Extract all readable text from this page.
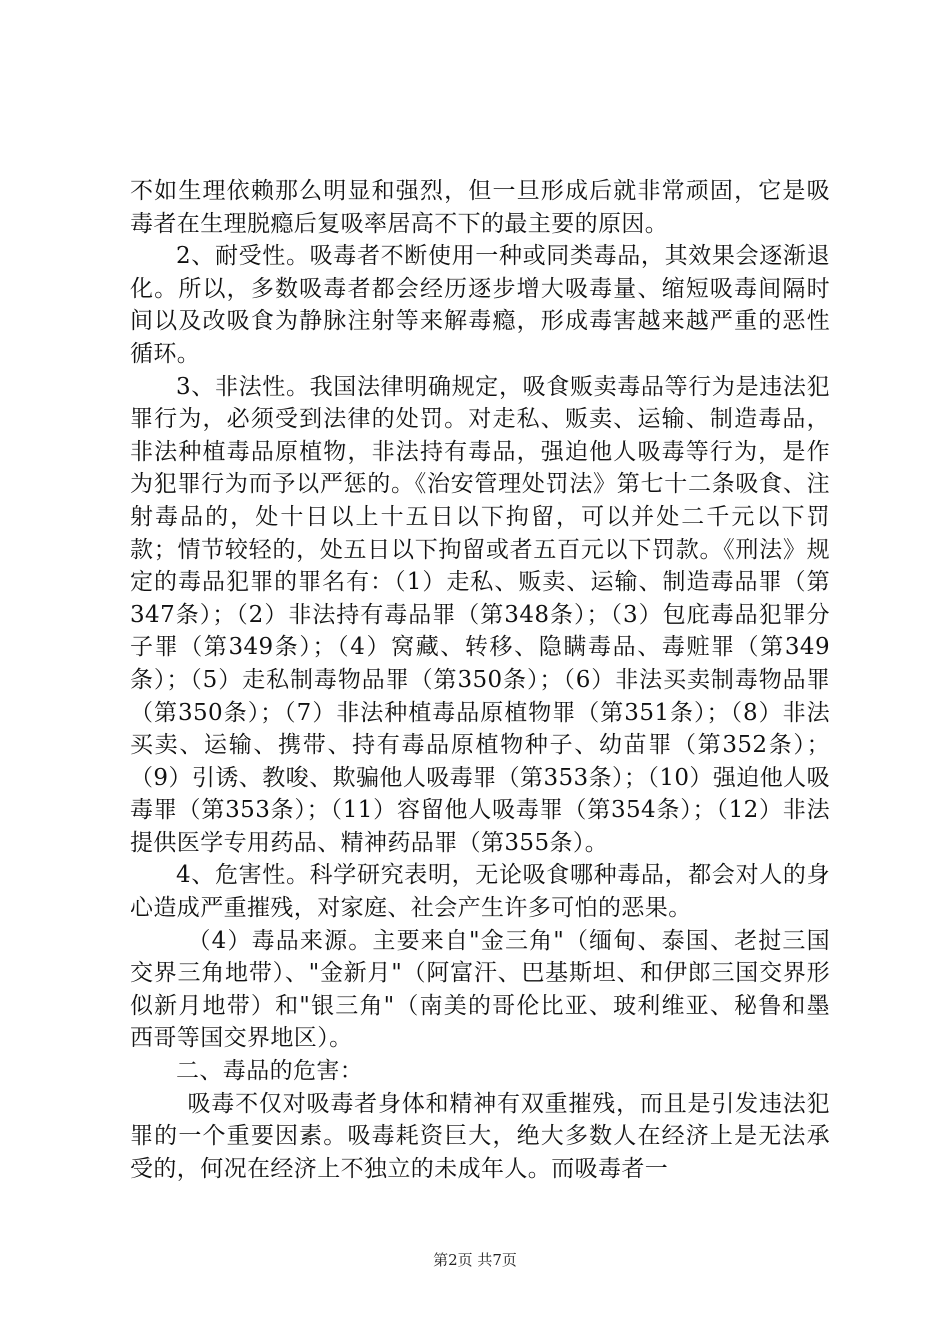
不如生理依赖那么明显和强烈，但一旦形成后就非常顽固，它是吸毒者在生理脱瘾后复吸率居高不下的最主要的原因。

2、耐受性。吸毒者不断使用一种或同类毒品，其效果会逐渐退化。所以，多数吸毒者都会经历逐步增大吸毒量、缩短吸毒间隔时间以及改吸食为静脉注射等来解毒瘾，形成毒害越来越严重的恶性循环。

3、非法性。我国法律明确规定，吸食贩卖毒品等行为是违法犯罪行为，必须受到法律的处罚。对走私、贩卖、运输、制造毒品，非法种植毒品原植物，非法持有毒品，强迫他人吸毒等行为，是作为犯罪行为而予以严惩的。《治安管理处罚法》第七十二条吸食、注射毒品的，处十日以上十五日以下拘留，可以并处二千元以下罚款；情节较轻的，处五日以下拘留或者五百元以下罚款。《刑法》规定的毒品犯罪的罪名有：（1）走私、贩卖、运输、制造毒品罪（第347条）；（2）非法持有毒品罪（第348条）；（3）包庇毒品犯罪分子罪（第349条）；（4）窝藏、转移、隐瞒毒品、毒赃罪（第349条）；（5）走私制毒物品罪（第350条）；（6）非法买卖制毒物品罪（第350条）；（7）非法种植毒品原植物罪（第351条）；（8）非法买卖、运输、携带、持有毒品原植物种子、幼苗罪（第352条）；（9）引诱、教唆、欺骗他人吸毒罪（第353条）；（10）强迫他人吸毒罪（第353条）；（11）容留他人吸毒罪（第354条）；（12）非法提供医学专用药品、精神药品罪（第355条）。

4、危害性。科学研究表明，无论吸食哪种毒品，都会对人的身心造成严重摧残，对家庭、社会产生许多可怕的恶果。

（4）毒品来源。主要来自"金三角"（缅甸、泰国、老挝三国交界三角地带）、"金新月"（阿富汗、巴基斯坦、和伊郎三国交界形似新月地带）和"银三角"（南美的哥伦比亚、玻利维亚、秘鲁和墨西哥等国交界地区）。

二、毒品的危害：

吸毒不仅对吸毒者身体和精神有双重摧残，而且是引发违法犯罪的一个重要因素。吸毒耗资巨大，绝大多数人在经济上是无法承受的，何况在经济上不独立的未成年人。而吸毒者一

第2页 共7页
